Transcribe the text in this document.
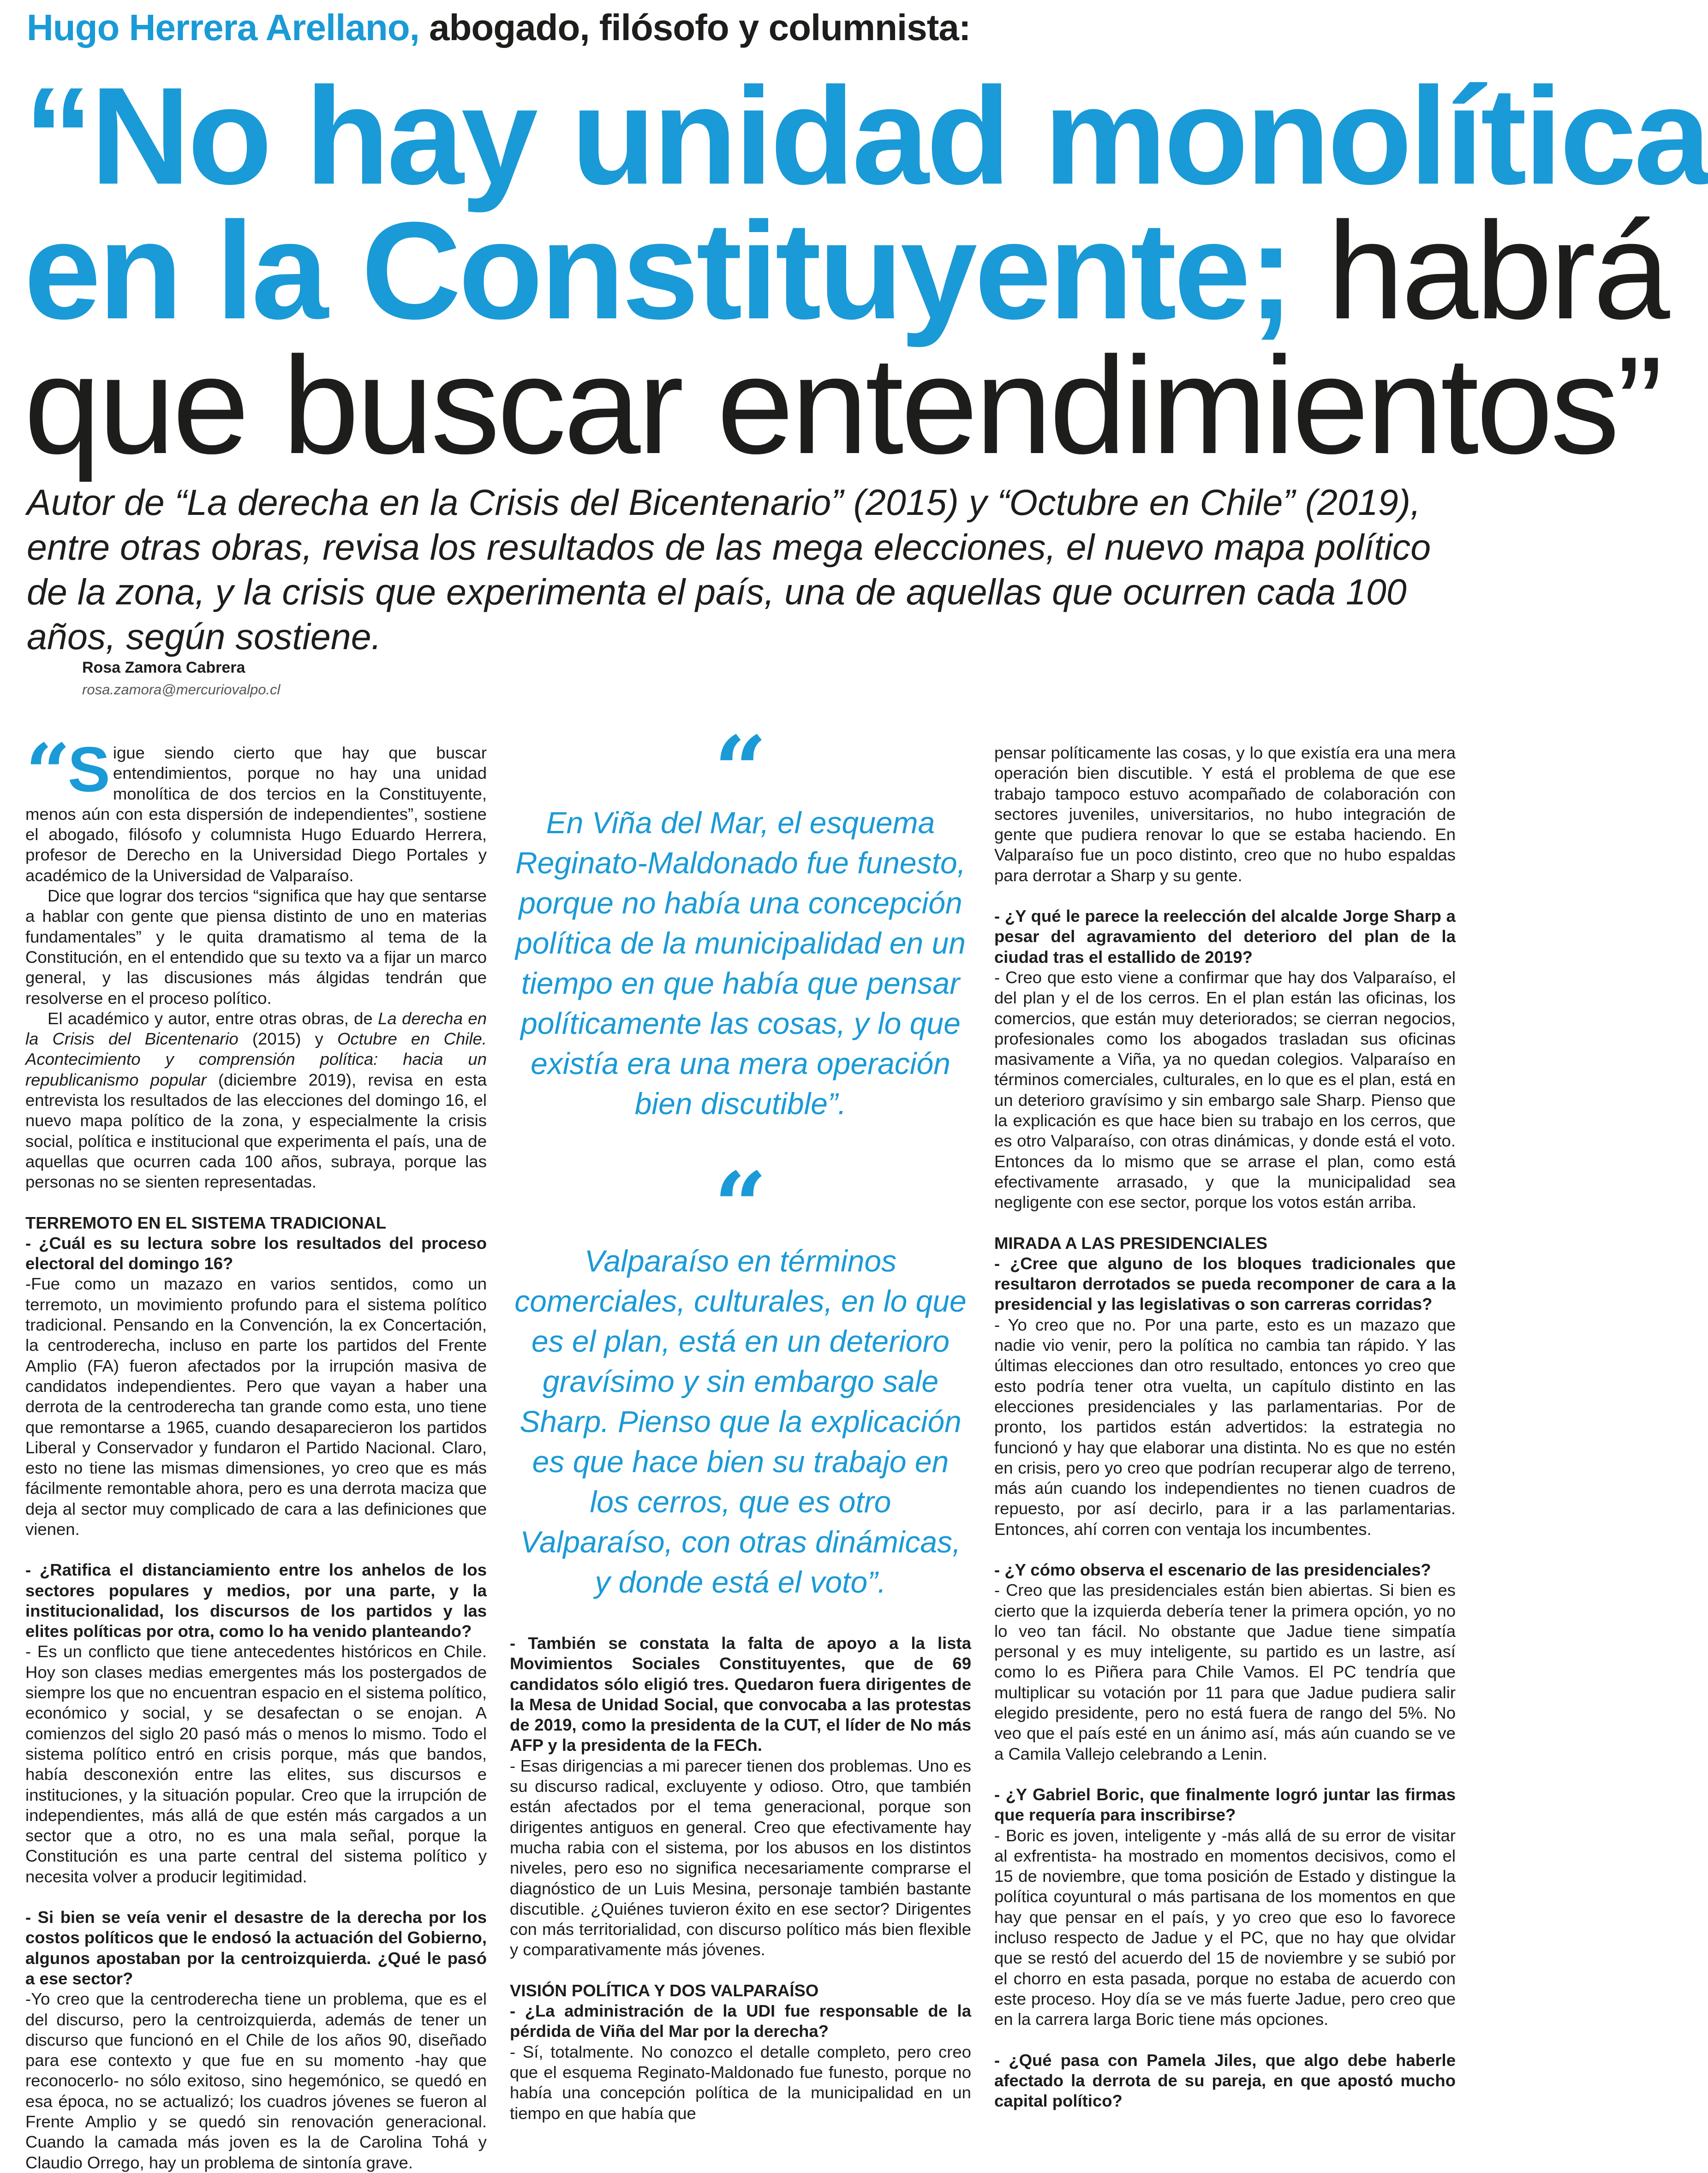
Hugo Herrera Arellano, abogado, filósofo y columnista:
“No hay unidad monolítica
en la Constituyente; habrá
que buscar entendimientos”
Autor de “La derecha en la Crisis del Bicentenario” (2015) y “Octubre en Chile” (2019), entre otras obras, revisa los resultados de las mega elecciones, el nuevo mapa político de la zona, y la crisis que experimenta el país, una de aquellas que ocurren cada 100 años, según sostiene.
Rosa Zamora Cabrera
rosa.zamora@mercuriovalpo.cl
“ S igue siendo cierto que hay que buscar entendimientos, porque no hay una unidad monolítica de dos tercios en la Constituyente, menos aún con esta dispersión de independientes”, sostiene el abogado, filósofo y columnista Hugo Eduardo Herrera, profesor de Derecho en la Universidad Diego Portales y académico de la Universidad de Valparaíso.

Dice que lograr dos tercios “significa que hay que sentarse a hablar con gente que piensa distinto de uno en materias fundamentales” y le quita dramatismo al tema de la Constitución, en el entendido que su texto va a fijar un marco general, y las discusiones más álgidas tendrán que resolverse en el proceso político.

El académico y autor, entre otras obras, de La derecha en la Crisis del Bicentenario (2015) y Octubre en Chile. Acontecimiento y comprensión política: hacia un republicanismo popular (diciembre 2019), revisa en esta entrevista los resultados de las elecciones del domingo 16, el nuevo mapa político de la zona, y especialmente la crisis social, política e institucional que experimenta el país, una de aquellas que ocurren cada 100 años, subraya, porque las personas no se sienten representadas.

TERREMOTO EN EL SISTEMA TRADICIONAL

- ¿Cuál es su lectura sobre los resultados del proceso electoral del domingo 16?

-Fue como un mazazo en varios sentidos, como un terremoto, un movimiento profundo para el sistema político tradicional. Pensando en la Convención, la ex Concertación, la centroderecha, incluso en parte los partidos del Frente Amplio (FA) fueron afectados por la irrupción masiva de candidatos independientes. Pero que vayan a haber una derrota de la centroderecha tan grande como esta, uno tiene que remontarse a 1965, cuando desaparecieron los partidos Liberal y Conservador y fundaron el Partido Nacional. Claro, esto no tiene las mismas dimensiones, yo creo que es más fácilmente remontable ahora, pero es una derrota maciza que deja al sector muy complicado de cara a las definiciones que vienen.

- ¿Ratifica el distanciamiento entre los anhelos de los sectores populares y medios, por una parte, y la institucionalidad, los discursos de los partidos y las elites políticas por otra, como lo ha venido planteando?

- Es un conflicto que tiene antecedentes históricos en Chile. Hoy son clases medias emergentes más los postergados de siempre los que no encuentran espacio en el sistema político, económico y social, y se desafectan o se enojan. A comienzos del siglo 20 pasó más o menos lo mismo. Todo el sistema político entró en crisis porque, más que bandos, había desconexión entre las elites, sus discursos e instituciones, y la situación popular. Creo que la irrupción de independientes, más allá de que estén más cargados a un sector que a otro, no es una mala señal, porque la Constitución es una parte central del sistema político y necesita volver a producir legitimidad.

- Si bien se veía venir el desastre de la derecha por los costos políticos que le endosó la actuación del Gobierno, algunos apostaban por la centroizquierda. ¿Qué le pasó a ese sector?

-Yo creo que la centroderecha tiene un problema, que es el del discurso, pero la centroizquierda, además de tener un discurso que funcionó en el Chile de los años 90, diseñado para ese contexto y que fue en su momento -hay que reconocerlo- no sólo exitoso, sino hegemónico, se quedó en esa época, no se actualizó; los cuadros jóvenes se fueron al Frente Amplio y se quedó sin renovación generacional. Cuando la camada más joven es la de Carolina Tohá y Claudio Orrego, hay un problema de sintonía grave.

“
En Viña del Mar, el esquema Reginato-Maldonado fue funesto, porque no había una concepción política de la municipalidad en un tiempo en que había que pensar políticamente las cosas, y lo que existía era una mera operación bien discutible”.
“
Valparaíso en términos comerciales, culturales, en lo que es el plan, está en un deterioro gravísimo y sin embargo sale Sharp. Pienso que la explicación es que hace bien su trabajo en los cerros, que es otro Valparaíso, con otras dinámicas, y donde está el voto”.

- También se constata la falta de apoyo a la lista Movimientos Sociales Constituyentes, que de 69 candidatos sólo eligió tres. Quedaron fuera dirigentes de la Mesa de Unidad Social, que convocaba a las protestas de 2019, como la presidenta de la CUT, el líder de No más AFP y la presidenta de la FECh.

- Esas dirigencias a mi parecer tienen dos problemas. Uno es su discurso radical, excluyente y odioso. Otro, que también están afectados por el tema generacional, porque son dirigentes antiguos en general. Creo que efectivamente hay mucha rabia con el sistema, por los abusos en los distintos niveles, pero eso no significa necesariamente comprarse el diagnóstico de un Luis Mesina, personaje también bastante discutible. ¿Quiénes tuvieron éxito en ese sector? Dirigentes con más territorialidad, con discurso político más bien flexible y comparativamente más jóvenes.

VISIÓN POLÍTICA Y DOS VALPARAÍSO

- ¿La administración de la UDI fue responsable de la pérdida de Viña del Mar por la derecha?

- Sí, totalmente. No conozco el detalle completo, pero creo que el esquema Reginato-Maldonado fue funesto, porque no había una concepción política de la municipalidad en un tiempo en que había que

pensar políticamente las cosas, y lo que existía era una mera operación bien discutible. Y está el problema de que ese trabajo tampoco estuvo acompañado de colaboración con sectores juveniles, universitarios, no hubo integración de gente que pudiera renovar lo que se estaba haciendo. En Valparaíso fue un poco distinto, creo que no hubo espaldas para derrotar a Sharp y su gente.

- ¿Y qué le parece la reelección del alcalde Jorge Sharp a pesar del agravamiento del deterioro del plan de la ciudad tras el estallido de 2019?

- Creo que esto viene a confirmar que hay dos Valparaíso, el del plan y el de los cerros. En el plan están las oficinas, los comercios, que están muy deteriorados; se cierran negocios, profesionales como los abogados trasladan sus oficinas masivamente a Viña, ya no quedan colegios. Valparaíso en términos comerciales, culturales, en lo que es el plan, está en un deterioro gravísimo y sin embargo sale Sharp. Pienso que la explicación es que hace bien su trabajo en los cerros, que es otro Valparaíso, con otras dinámicas, y donde está el voto. Entonces da lo mismo que se arrase el plan, como está efectivamente arrasado, y que la municipalidad sea negligente con ese sector, porque los votos están arriba.

MIRADA A LAS PRESIDENCIALES

- ¿Cree que alguno de los bloques tradicionales que resultaron derrotados se pueda recomponer de cara a la presidencial y las legislativas o son carreras corridas?

- Yo creo que no. Por una parte, esto es un mazazo que nadie vio venir, pero la política no cambia tan rápido. Y las últimas elecciones dan otro resultado, entonces yo creo que esto podría tener otra vuelta, un capítulo distinto en las elecciones presidenciales y las parlamentarias. Por de pronto, los partidos están advertidos: la estrategia no funcionó y hay que elaborar una distinta. No es que no estén en crisis, pero yo creo que podrían recuperar algo de terreno, más aún cuando los independientes no tienen cuadros de repuesto, por así decirlo, para ir a las parlamentarias. Entonces, ahí corren con ventaja los incumbentes.

- ¿Y cómo observa el escenario de las presidenciales?

- Creo que las presidenciales están bien abiertas. Si bien es cierto que la izquierda debería tener la primera opción, yo no lo veo tan fácil. No obstante que Jadue tiene simpatía personal y es muy inteligente, su partido es un lastre, así como lo es Piñera para Chile Vamos. El PC tendría que multiplicar su votación por 11 para que Jadue pudiera salir elegido presidente, pero no está fuera de rango del 5%. No veo que el país esté en un ánimo así, más aún cuando se ve a Camila Vallejo celebrando a Lenin.

- ¿Y Gabriel Boric, que finalmente logró juntar las firmas que requería para inscribirse?

- Boric es joven, inteligente y -más allá de su error de visitar al exfrentista- ha mostrado en momentos decisivos, como el 15 de noviembre, que toma posición de Estado y distingue la política coyuntural o más partisana de los momentos en que hay que pensar en el país, y yo creo que eso lo favorece incluso respecto de Jadue y el PC, que no hay que olvidar que se restó del acuerdo del 15 de noviembre y se subió por el chorro en esta pasada, porque no estaba de acuerdo con este proceso. Hoy día se ve más fuerte Jadue, pero creo que en la carrera larga Boric tiene más opciones.

- ¿Qué pasa con Pamela Jiles, que algo debe haberle afectado la derrota de su pareja, en que apostó mucho capital político?
